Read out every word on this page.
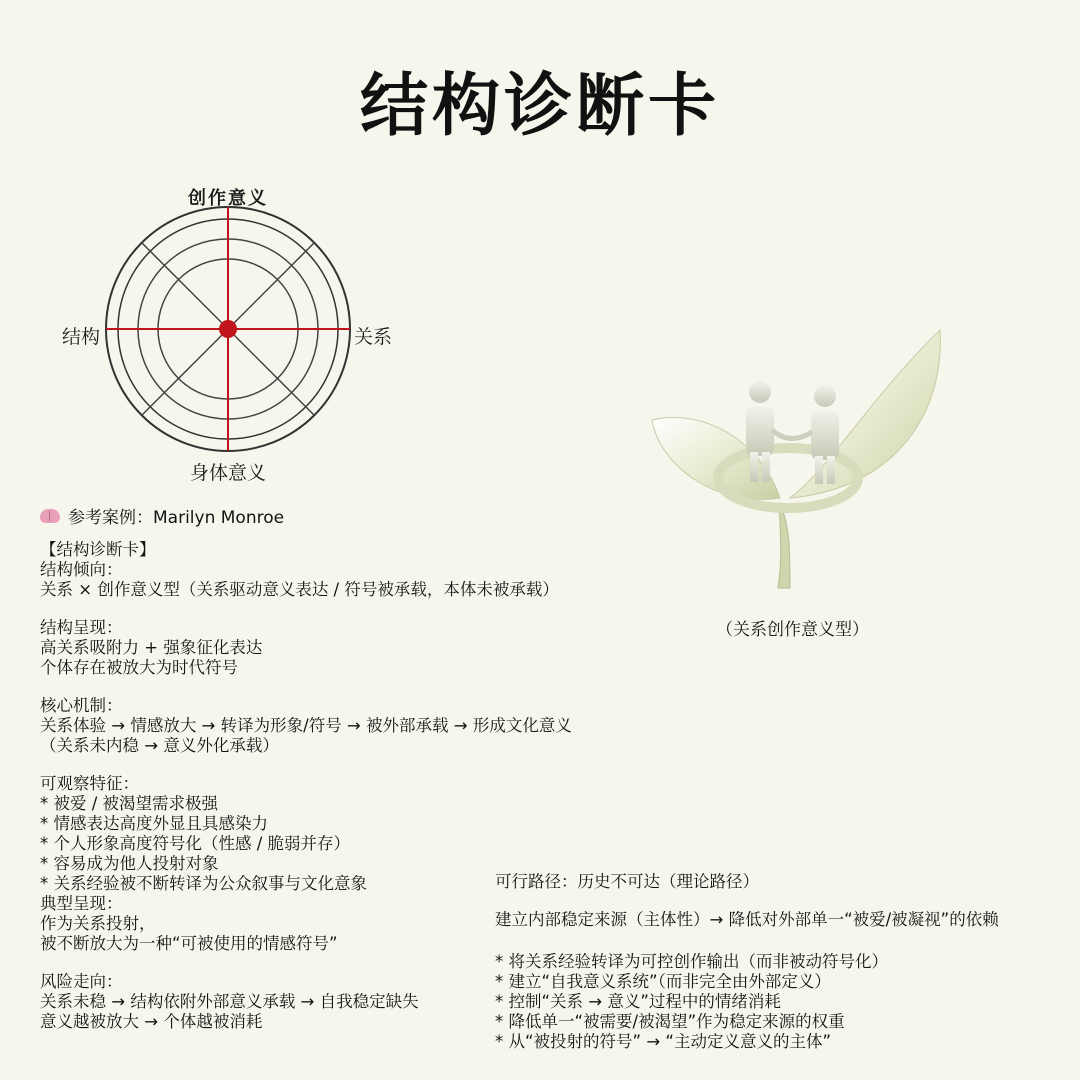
结构诊断卡
创作意义
结构	关系
身体意义
参考案例：Marilyn Monroe
【结构诊断卡】
结构倾向：
关系 × 创作意义型（关系驱动意义表达 / 符号被承载，本体未被承载）
结构呈现：
高关系吸附力 + 强象征化表达
个体存在被放大为时代符号
核心机制：
关系体验 → 情感放大 → 转译为形象/符号 → 被外部承载 → 形成文化意义
（关系未内稳 → 意义外化承载）
可观察特征：
* 被爱 / 被渴望需求极强
* 情感表达高度外显且具感染力
* 个人形象高度符号化（性感 / 脆弱并存）
* 容易成为他人投射对象
* 关系经验被不断转译为公众叙事与文化意象
典型呈现：
作为关系投射，
被不断放大为一种“可被使用的情感符号”
风险走向：
关系未稳 → 结构依附外部意义承载 → 自我稳定缺失
意义越被放大 → 个体越被消耗
可行路径：历史不可达（理论路径）
建立内部稳定来源（主体性）→ 降低对外部单一“被爱/被凝视”的依赖
* 将关系经验转译为可控创作输出（而非被动符号化）
* 建立“自我意义系统”（而非完全由外部定义）
* 控制“关系 → 意义”过程中的情绪消耗
* 降低单一“被需要/被渴望”作为稳定来源的权重
* 从“被投射的符号” → “主动定义意义的主体”
（关系创作意义型）
